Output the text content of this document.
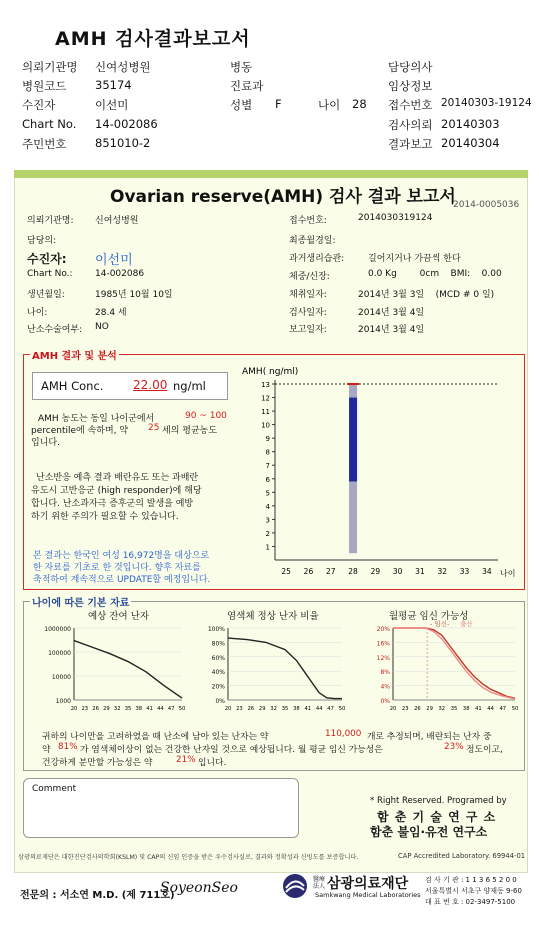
AMH 검사결과보고서
의뢰기관명 신여성병원
병원코드 35174
수진자	이선미
Chart No. 14-002086
주민번호 851010-2
병동
진료과
성별 F	나이 28
담당의사
임상정보
접수번호 20140303-19124
검사의뢰 20140303
결과보고 20140304
Ovarian reserve(AMH) 검사 결과 보고서
2014-0005036
의뢰기관명: 신여성병원
담당의:
수진자: 이선미
Chart No.: 14-002086
생년월일:	1985년 10월 10일
나이:	28.4 세
난소수술여부: NO
접수번호:	2014030319124
최종월경일:
과거생리습관:	길어지거나 가끔씩 한다
체중/신장:	0.0 Kg        0cm    BMI:    0.00
채취일자:	2014년 3월 3일    (MCD # 0 일)
검사일자:	2014년 3월 4일
보고일자:	2014년 3월 4일
AMH 결과 및 분석
AMH Conc. 22.00 ng/ml
AMH 농도는 동일 나이군에서	90 ~ 100
percentile에 속하며, 약 25 세의 평균농도
입니다.
난소반응 예측 결과 배란유도 또는 과배란
유도시 고반응군 (high responder)에 해당
합니다. 난소과자극 증후군의 발생을 예방
하기 위한 주의가 필요할 수 있습니다.
본 결과는 한국인 여성 16,972명을 대상으로
한 자료를 기초로 한 것입니다. 향후 자료를
축적하여 계속적으로 UPDATE할 예정입니다.
AMH( ng/ml)
1
2
3
4
5
6
7
8
9
10
11
12
13
25 26 27 28 29 30 31 32 33 34 나이
나이에 따른 기본 자료
예상 잔여 난자	염색체 정상 난자 비율	월평균 임신 가능성
1000
10000
100000
1000000
20 23 26 29 32 35 38 41 44 47 50
0%
20%
40%
60%
80%
100%
20 23 26 29 32 35 38 41 44 47 50
0%
4%
8%
12%
16%
20%
20 23 26 29 32 35 38 41 44 47 50
- 임신- 출산
귀하의 나이만을 고려하였을 때 난소에 남아 있는 난자는 약	110,000 개로 추정되며, 배란되는 난자 중
약 81% 가 염색체이상이 없는 건강한 난자일 것으로 예상됩니다. 월 평균 임신 가능성은	23% 정도이고,
건강하게 분만할 가능성은 약	21% 입니다.
Comment
* Right Reserved. Programed by
함 춘 기 술 연 구 소
함춘 불임·유전 연구소
삼광의료재단은 대한진단검사의학회(KSLM) 및 CAP의 신임 인증을 받은 우수검사실로, 결과와 정확성과 신빙도를 보증합니다.	CAP Accredited Laboratory. 69944-01
전문의 : 서소연 M.D. (제 711호)
SoyeonSeo
醫療 法人 삼광의료재단
Samkwang Medical Laboratories
검 사 기 관 : 1 1 3 6 5 2 0 0
서울특별시 서초구 양재동 9-60
대 표 번 호 : 02-3497-5100
